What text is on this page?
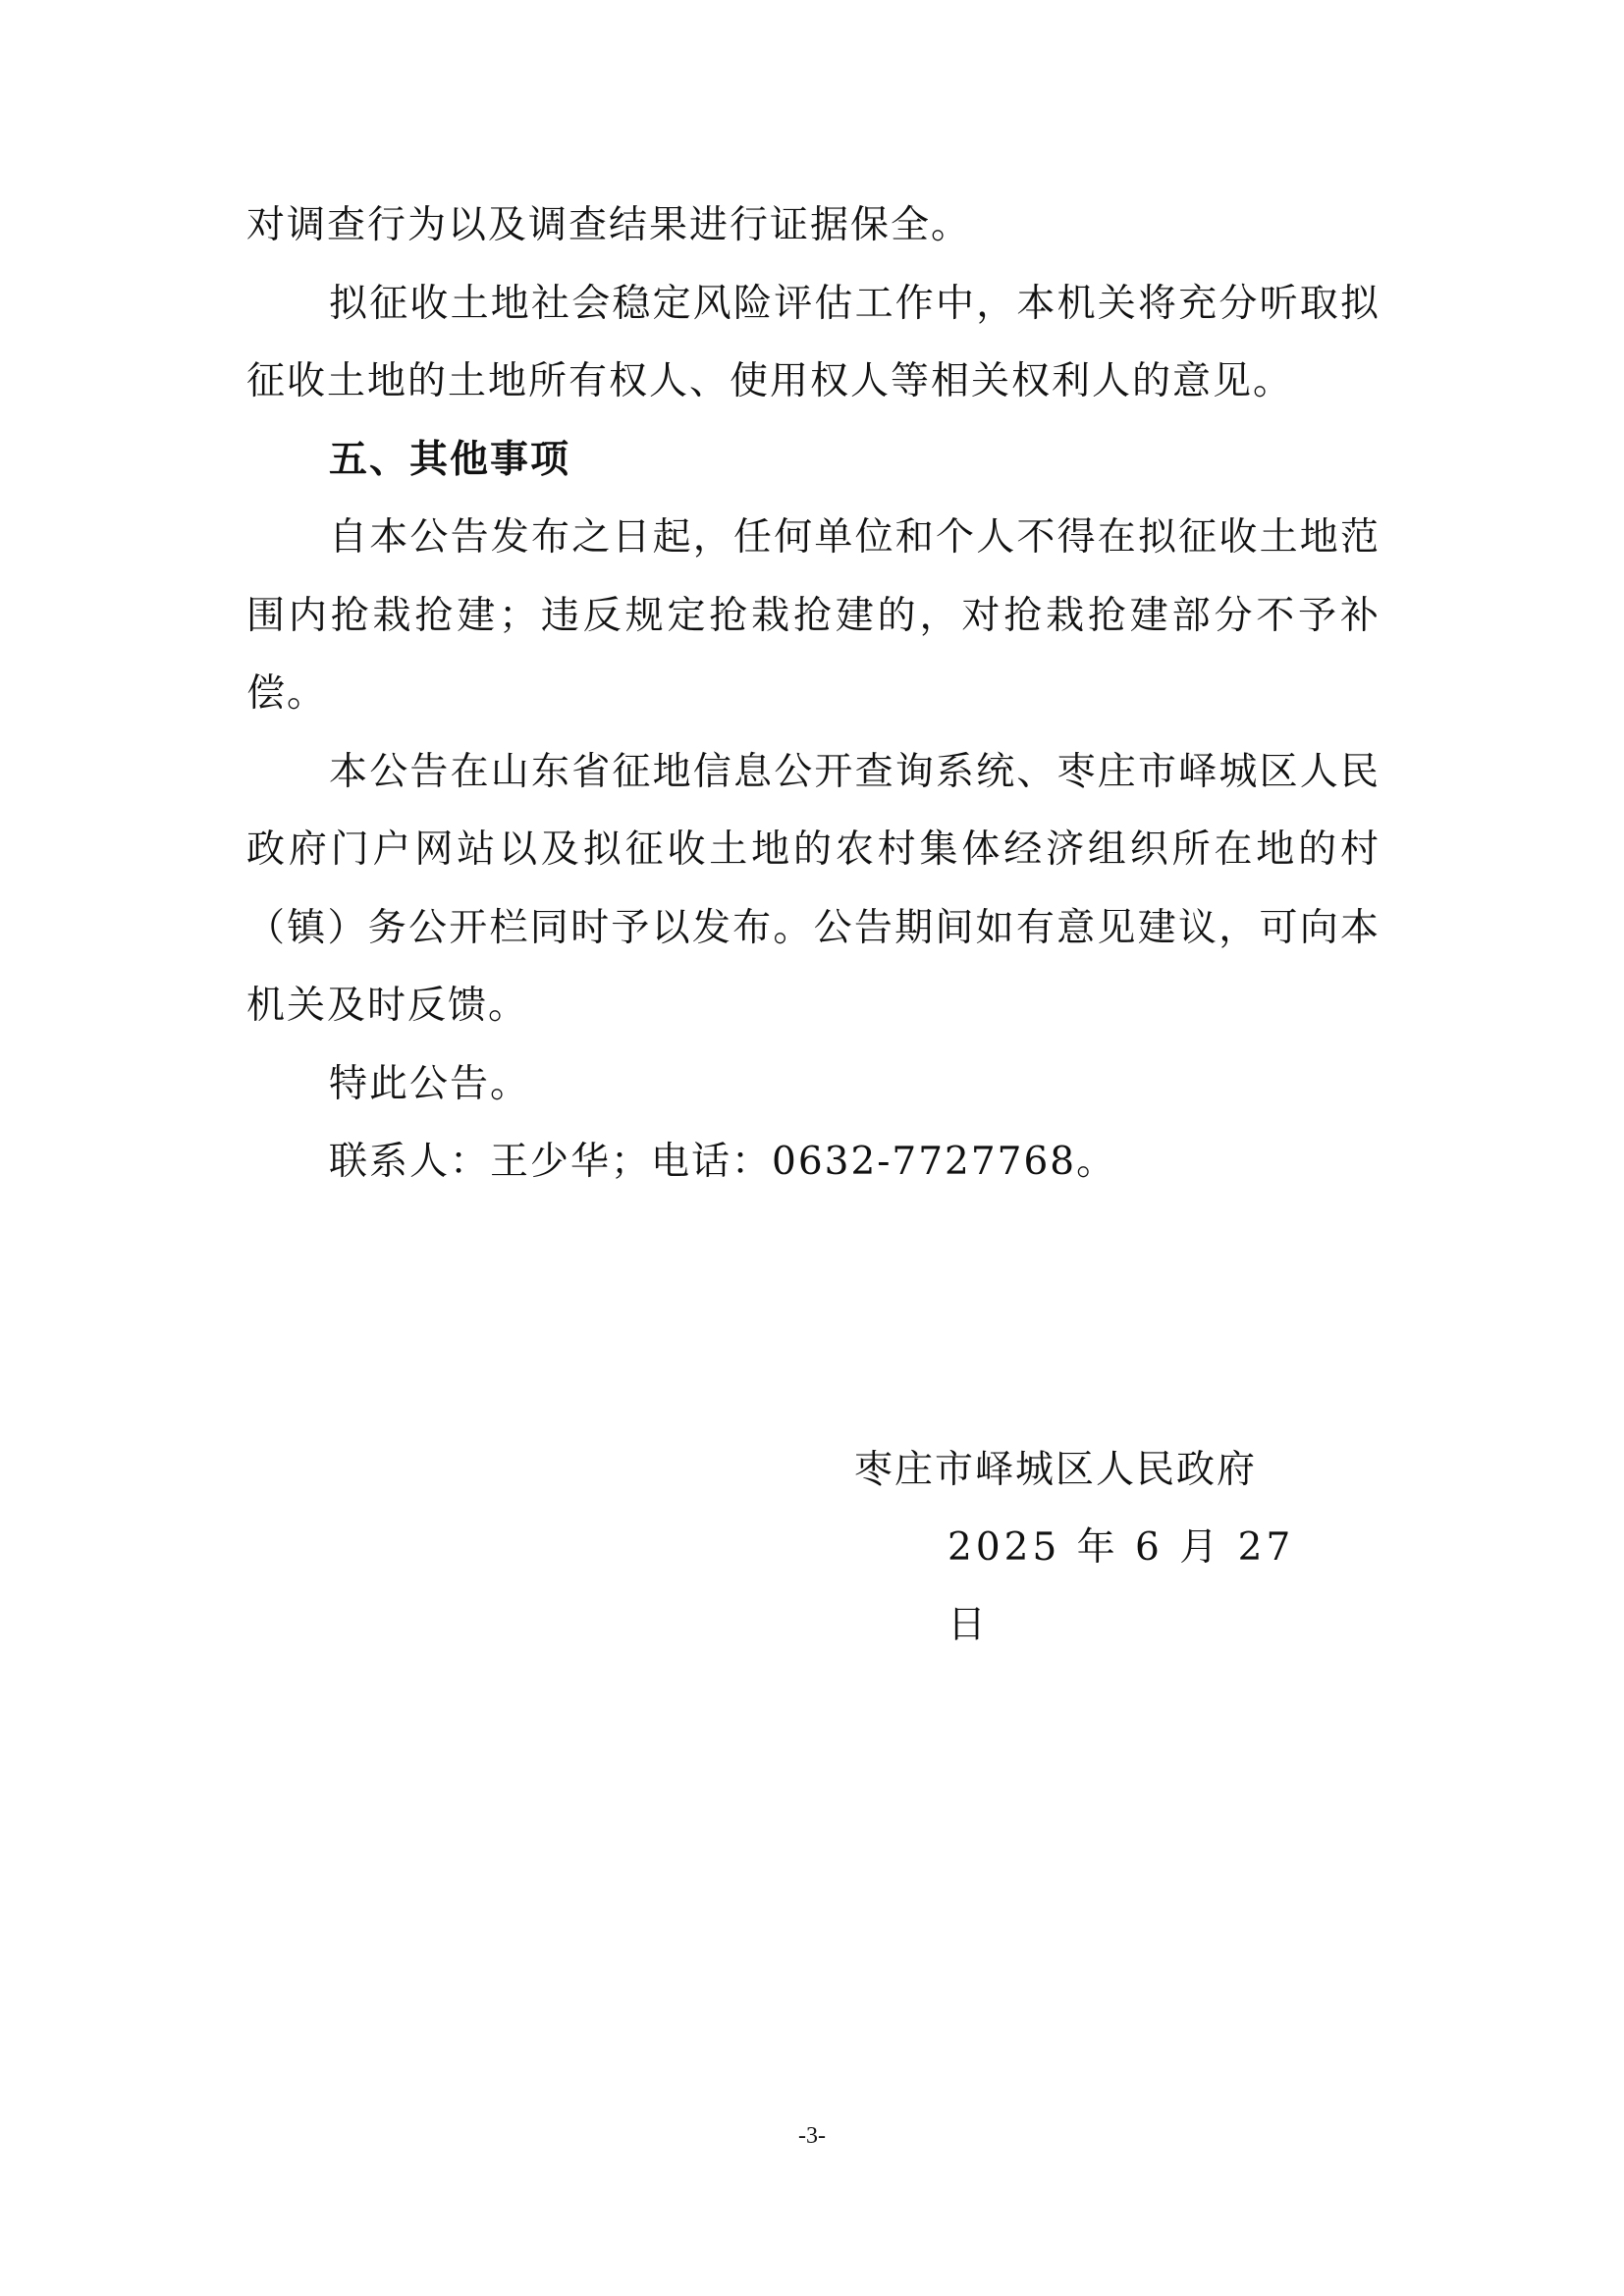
对调查行为以及调查结果进行证据保全。

拟征收土地社会稳定风险评估工作中，本机关将充分听取拟征收土地的土地所有权人、使用权人等相关权利人的意见。

五、其他事项

自本公告发布之日起，任何单位和个人不得在拟征收土地范围内抢栽抢建；违反规定抢栽抢建的，对抢栽抢建部分不予补偿。

本公告在山东省征地信息公开查询系统、枣庄市峄城区人民政府门户网站以及拟征收土地的农村集体经济组织所在地的村（镇）务公开栏同时予以发布。公告期间如有意见建议，可向本机关及时反馈。

特此公告。

联系人：王少华；电话：0632-7727768。

枣庄市峄城区人民政府

2025 年 6 月 27 日

-3-
